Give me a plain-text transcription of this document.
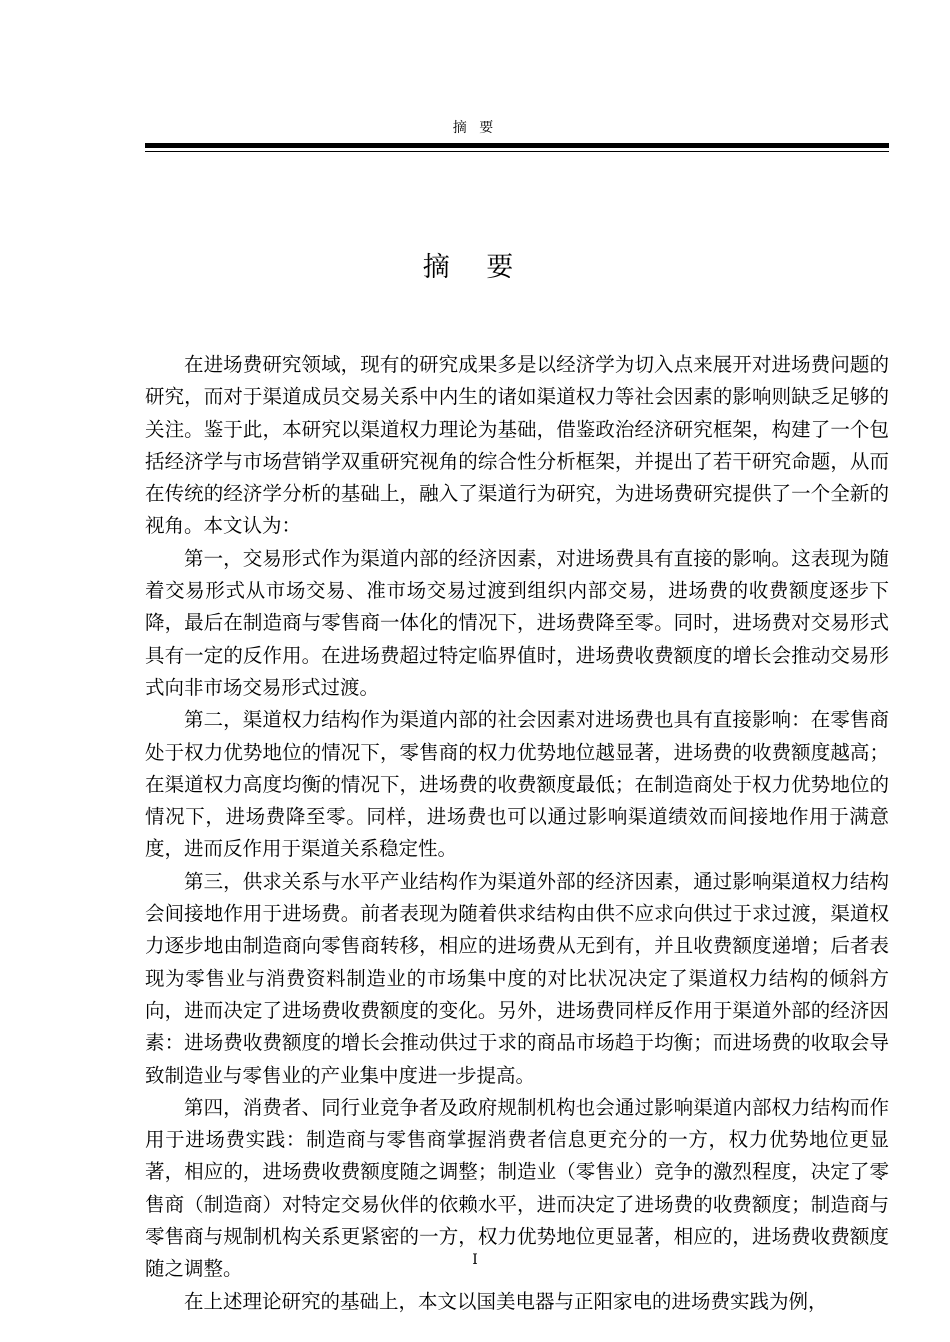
摘 要
摘 要

在进场费研究领域，现有的研究成果多是以经济学为切入点来展开对进场费问题的研究，而对于渠道成员交易关系中内生的诸如渠道权力等社会因素的影响则缺乏足够的关注。鉴于此，本研究以渠道权力理论为基础，借鉴政治经济研究框架，构建了一个包括经济学与市场营销学双重研究视角的综合性分析框架，并提出了若干研究命题，从而在传统的经济学分析的基础上，融入了渠道行为研究，为进场费研究提供了一个全新的视角。本文认为：

第一，交易形式作为渠道内部的经济因素，对进场费具有直接的影响。这表现为随着交易形式从市场交易、准市场交易过渡到组织内部交易，进场费的收费额度逐步下降，最后在制造商与零售商一体化的情况下，进场费降至零。同时，进场费对交易形式具有一定的反作用。在进场费超过特定临界值时，进场费收费额度的增长会推动交易形式向非市场交易形式过渡。

第二，渠道权力结构作为渠道内部的社会因素对进场费也具有直接影响：在零售商处于权力优势地位的情况下，零售商的权力优势地位越显著，进场费的收费额度越高；在渠道权力高度均衡的情况下，进场费的收费额度最低；在制造商处于权力优势地位的情况下，进场费降至零。同样，进场费也可以通过影响渠道绩效而间接地作用于满意度，进而反作用于渠道关系稳定性。

第三，供求关系与水平产业结构作为渠道外部的经济因素，通过影响渠道权力结构会间接地作用于进场费。前者表现为随着供求结构由供不应求向供过于求过渡，渠道权力逐步地由制造商向零售商转移，相应的进场费从无到有，并且收费额度递增；后者表现为零售业与消费资料制造业的市场集中度的对比状况决定了渠道权力结构的倾斜方向，进而决定了进场费收费额度的变化。另外，进场费同样反作用于渠道外部的经济因素：进场费收费额度的增长会推动供过于求的商品市场趋于均衡；而进场费的收取会导致制造业与零售业的产业集中度进一步提高。

第四，消费者、同行业竞争者及政府规制机构也会通过影响渠道内部权力结构而作用于进场费实践：制造商与零售商掌握消费者信息更充分的一方，权力优势地位更显著，相应的，进场费收费额度随之调整；制造业（零售业）竞争的激烈程度，决定了零售商（制造商）对特定交易伙伴的依赖水平，进而决定了进场费的收费额度；制造商与零售商与规制机构关系更紧密的一方，权力优势地位更显著，相应的，进场费收费额度随之调整。

在上述理论研究的基础上，本文以国美电器与正阳家电的进场费实践为例，

I
